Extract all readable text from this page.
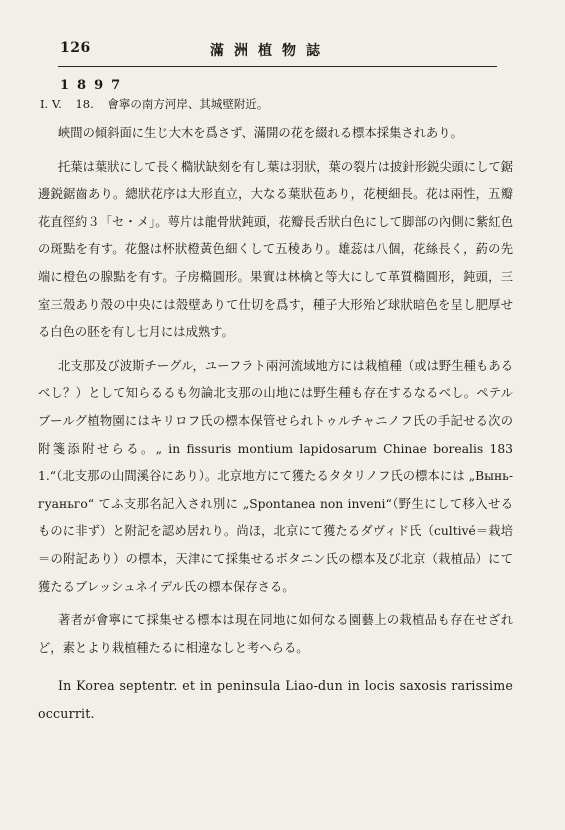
126	滿洲植物誌
1897
I. V. 18. 會寧の南方河岸、其城壁附近。

峽間の傾斜面に生じ大木を爲さず、滿開の花を綴れる標本採集されあり。

托葉は葉狀にして長く橢狀缺刻を有し葉は羽狀，葉の裂片は披針形鋭尖頭にして鋸邊鋭鋸齒あり。總狀花序は大形直立，大なる葉狀苞あり，花梗細長。花は兩性，五瓣花直徑約３「セ・メ」。萼片は龍骨狀鈍頭，花瓣長舌狀白色にして脚部の內側に紫紅色の斑點を有す。花盤は杯狀橙黃色細くして五稜あり。雄蕊は八個，花絲長く，葯の先端に橙色の腺點を有す。子房橢圓形。果實は林檎と等大にして革質橢圓形，鈍頭，三室三殼あり殼の中央には殼壁ありて仕切を爲す，種子大形殆ど球狀暗色を呈し肥厚せる白色の胚を有し七月には成熟す。

北支那及び波斯チーグル，ユーフラト兩河流域地方には栽植種（或は野生種もあるべし？）として知らるるも勿論北支那の山地には野生種も存在するなるべし。ペテルブールグ植物園にはキリロフ氏の標本保管せられトゥルチャニノフ氏の手記せる次の附箋添附せらる。„ in fissuris montium lapidosarum Chinae borealis 1831.“（北支那の山間溪谷にあり）。北京地方にて獲たるタタリノフ氏の標本には „Вынь-гуаньго“ てふ支那名記入され別に „Spontanea non inveni“（野生にして移入せるものに非ず）と附記を認め居れり。尚ほ，北京にて獲たるダヴィド氏（cultivé＝栽培＝の附記あり）の標本，天津にて採集せるボタニン氏の標本及び北京（栽植品）にて獲たるブレッシュネイデル氏の標本保存さる。

著者が會寧にて採集せる標本は現在同地に如何なる園藝上の栽植品も存在せざれど，素とより栽植種たるに相違なしと考へらる。

In Korea septentr. et in peninsula Liao-dun in locis saxosis rarissime occurrit.
